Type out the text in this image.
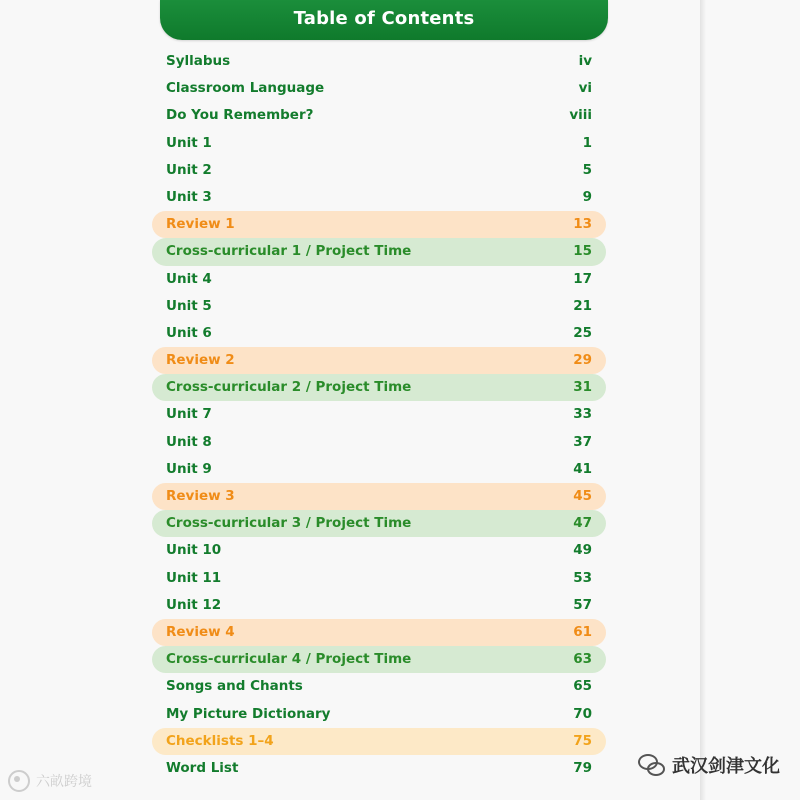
Table of Contents
Syllabus	iv
Classroom Language	vi
Do You Remember?	viii
Unit 1	1
Unit 2	5
Unit 3	9
Review 1	13
Cross-curricular 1 / Project Time	15
Unit 4	17
Unit 5	21
Unit 6	25
Review 2	29
Cross-curricular 2 / Project Time	31
Unit 7	33
Unit 8	37
Unit 9	41
Review 3	45
Cross-curricular 3 / Project Time	47
Unit 10	49
Unit 11	53
Unit 12	57
Review 4	61
Cross-curricular 4 / Project Time	63
Songs and Chants	65
My Picture Dictionary	70
Checklists 1–4	75
Word List	79
六畝跨境
武汉剑津文化
